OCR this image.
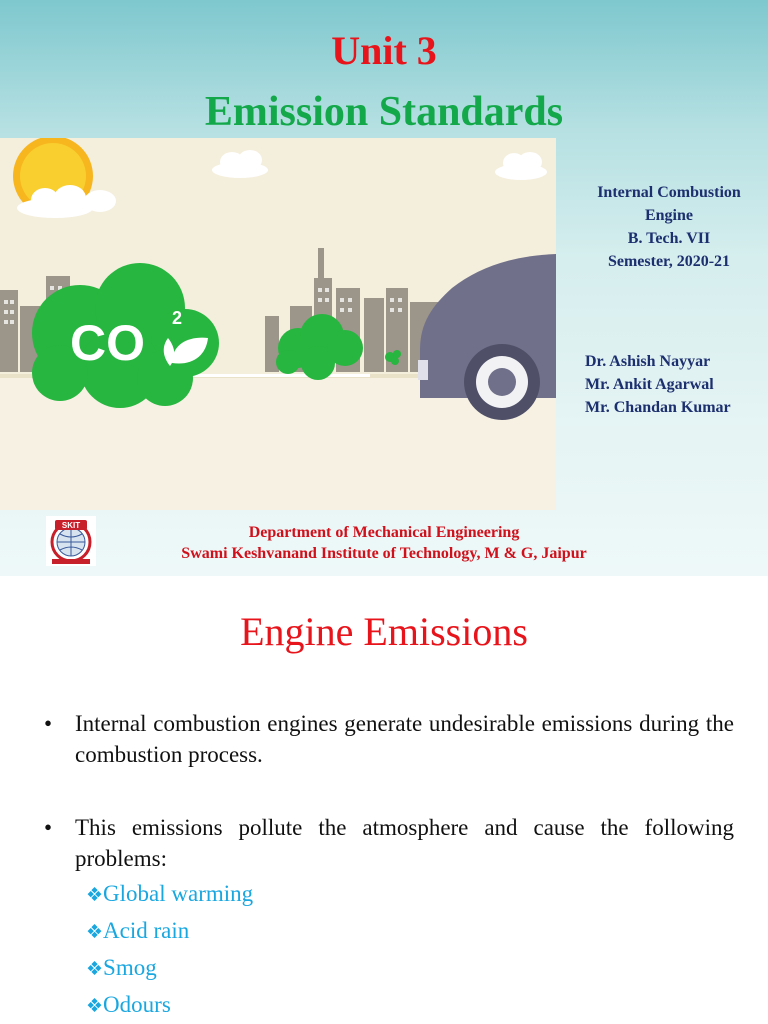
Unit 3
Emission Standards
CO 2
Internal Combustion
Engine
B. Tech. VII
Semester, 2020-21
Dr. Ashish Nayyar
Mr. Ankit Agarwal
Mr. Chandan Kumar
SKIT	Department of Mechanical Engineering
Swami Keshvanand Institute of Technology, M & G, Jaipur
Engine Emissions
• Internal combustion engines generate undesirable emissions during the combustion process.
• This emissions pollute the atmosphere and cause the following problems:
❖Global warming
❖Acid rain
❖Smog
❖Odours
